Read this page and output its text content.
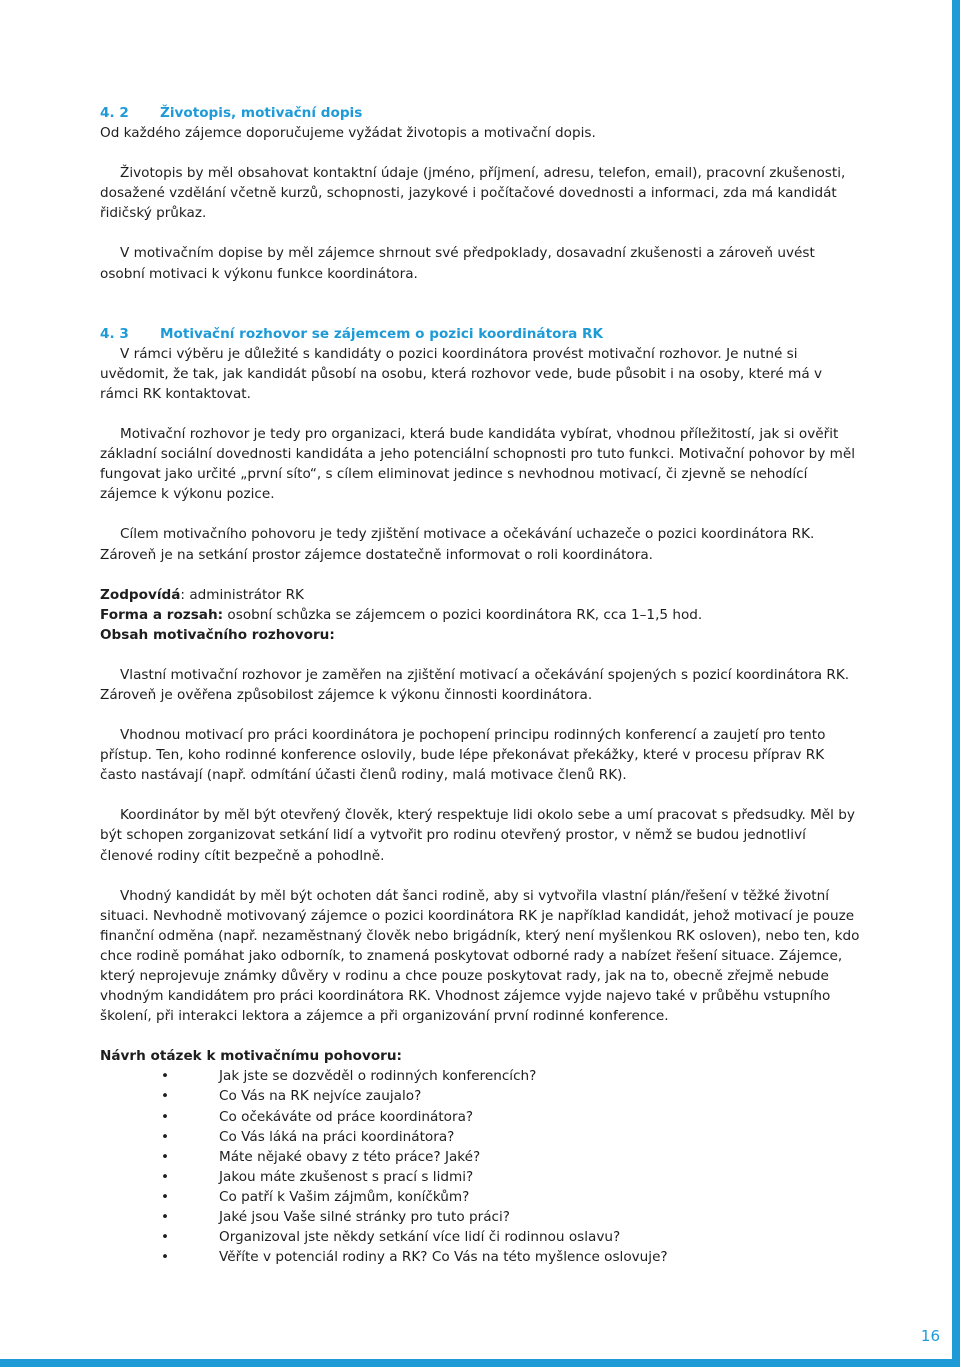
16

4. 2 Životopis, motivační dopis

Od každého zájemce doporučujeme vyžádat životopis a motivační dopis.

Životopis by měl obsahovat kontaktní údaje (jméno, příjmení, adresu, telefon, email), pracovní zkušenosti, dosažené vzdělání včetně kurzů, schopnosti, jazykové i počítačové dovednosti a informaci, zda má kandidát řidičský průkaz.

V motivačním dopise by měl zájemce shrnout své předpoklady, dosavadní zkušenosti a zároveň uvést osobní motivaci k výkonu funkce koordinátora.

4. 3 Motivační rozhovor se zájemcem o pozici koordinátora RK

V rámci výběru je důležité s kandidáty o pozici koordinátora provést motivační rozhovor. Je nutné si uvědomit, že tak, jak kandidát působí na osobu, která rozhovor vede, bude působit i na osoby, které má v rámci RK kontaktovat.

Motivační rozhovor je tedy pro organizaci, která bude kandidáta vybírat, vhodnou příležitostí, jak si ověřit základní sociální dovednosti kandidáta a jeho potenciální schopnosti pro tuto funkci. Motivační pohovor by měl fungovat jako určité „první síto“, s cílem eliminovat jedince s nevhodnou motivací, či zjevně se nehodící zájemce k výkonu pozice.

Cílem motivačního pohovoru je tedy zjištění motivace a očekávání uchazeče o pozici koordinátora RK. Zároveň je na setkání prostor zájemce dostatečně informovat o roli koordinátora.

Zodpovídá: administrátor RK

Forma a rozsah: osobní schůzka se zájemcem o pozici koordinátora RK, cca 1–1,5 hod.

Obsah motivačního rozhovoru:

Vlastní motivační rozhovor je zaměřen na zjištění motivací a očekávání spojených s pozicí koordinátora RK. Zároveň je ověřena způsobilost zájemce k výkonu činnosti koordinátora.

Vhodnou motivací pro práci koordinátora je pochopení principu rodinných konferencí a zaujetí pro tento přístup. Ten, koho rodinné konference oslovily, bude lépe překonávat překážky, které v procesu příprav RK často nastávají (např. odmítání účasti členů rodiny, malá motivace členů RK).

Koordinátor by měl být otevřený člověk, který respektuje lidi okolo sebe a umí pracovat s předsudky. Měl by být schopen zorganizovat setkání lidí a vytvořit pro rodinu otevřený prostor, v němž se budou jednotliví členové rodiny cítit bezpečně a pohodlně.

Vhodný kandidát by měl být ochoten dát šanci rodině, aby si vytvořila vlastní plán/řešení v těžké životní situaci. Nevhodně motivovaný zájemce o pozici koordinátora RK je například kandidát, jehož motivací je pouze finanční odměna (např. nezaměstnaný člověk nebo brigádník, který není myšlenkou RK osloven), nebo ten, kdo chce rodině pomáhat jako odborník, to znamená poskytovat odborné rady a nabízet řešení situace. Zájemce, který neprojevuje známky důvěry v rodinu a chce pouze poskytovat rady, jak na to, obecně zřejmě nebude vhodným kandidátem pro práci koordinátora RK. Vhodnost zájemce vyjde najevo také v průběhu vstupního školení, při interakci lektora a zájemce a při organizování první rodinné konference.

Návrh otázek k motivačnímu pohovoru:

•	Jak jste se dozvěděl o rodinných konferencích?
•	Co Vás na RK nejvíce zaujalo?
•	Co očekáváte od práce koordinátora?
•	Co Vás láká na práci koordinátora?
•	Máte nějaké obavy z této práce? Jaké?
•	Jakou máte zkušenost s prací s lidmi?
•	Co patří k Vašim zájmům, koníčkům?
•	Jaké jsou Vaše silné stránky pro tuto práci?
•	Organizoval jste někdy setkání více lidí či rodinnou oslavu?
•	Věříte v potenciál rodiny a RK? Co Vás na této myšlence oslovuje?
